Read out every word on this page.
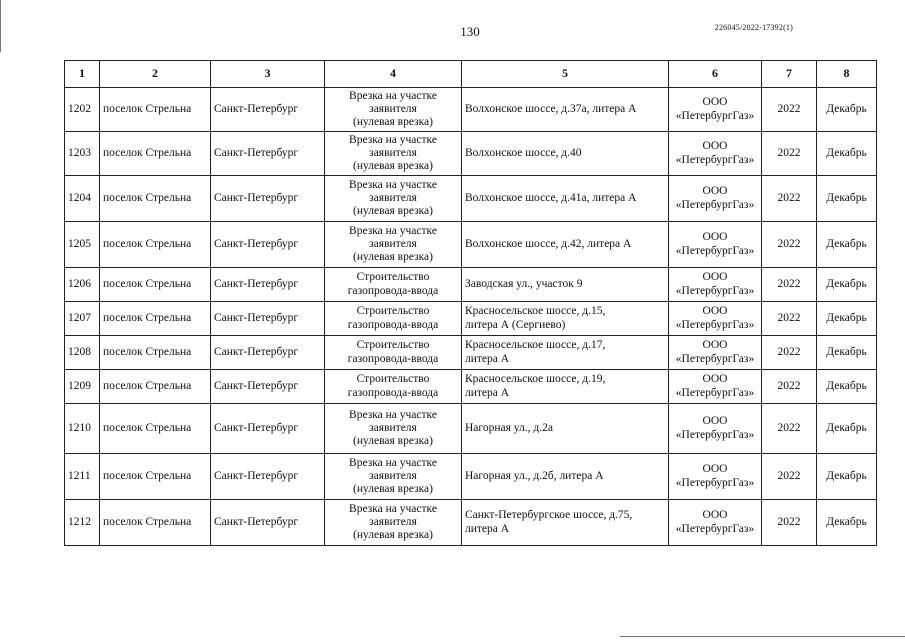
130	226045/2022-17392(1)
1	2	3	4	5	6	7	8

1202	поселок Стрельна	Санкт-Петербург	Врезка на участке
заявителя
(нулевая врезка)	Волхонское шоссе, д.37а, литера А	ООО
«ПетербургГаз»	2022	Декабрь

1203	поселок Стрельна	Санкт-Петербург	Врезка на участке
заявителя
(нулевая врезка)	Волхонское шоссе, д.40	ООО
«ПетербургГаз»	2022	Декабрь

1204	поселок Стрельна	Санкт-Петербург	Врезка на участке
заявителя
(нулевая врезка)	Волхонское шоссе, д.41а, литера А	ООО
«ПетербургГаз»	2022	Декабрь

1205	поселок Стрельна	Санкт-Петербург	Врезка на участке
заявителя
(нулевая врезка)	Волхонское шоссе, д.42, литера А	ООО
«ПетербургГаз»	2022	Декабрь

1206	поселок Стрельна	Санкт-Петербург	Строительство
газопровода-ввода	Заводская ул., участок 9	ООО
«ПетербургГаз»	2022	Декабрь

1207	поселок Стрельна	Санкт-Петербург	Строительство
газопровода-ввода	Красносельское шоссе, д.15,
литера А (Сергиево)	ООО
«ПетербургГаз»	2022	Декабрь

1208	поселок Стрельна	Санкт-Петербург	Строительство
газопровода-ввода	Красносельское шоссе, д.17,
литера А	ООО
«ПетербургГаз»	2022	Декабрь

1209	поселок Стрельна	Санкт-Петербург	Строительство
газопровода-ввода	Красносельское шоссе, д.19,
литера А	ООО
«ПетербургГаз»	2022	Декабрь

1210	поселок Стрельна	Санкт-Петербург	Врезка на участке
заявителя
(нулевая врезка)	Нагорная ул., д.2а	ООО
«ПетербургГаз»	2022	Декабрь

1211	поселок Стрельна	Санкт-Петербург	Врезка на участке
заявителя
(нулевая врезка)	Нагорная ул., д.2б, литера А	ООО
«ПетербургГаз»	2022	Декабрь

1212	поселок Стрельна	Санкт-Петербург	Врезка на участке
заявителя
(нулевая врезка)	Санкт-Петербургское шоссе, д.75,
литера А	ООО
«ПетербургГаз»	2022	Декабрь
